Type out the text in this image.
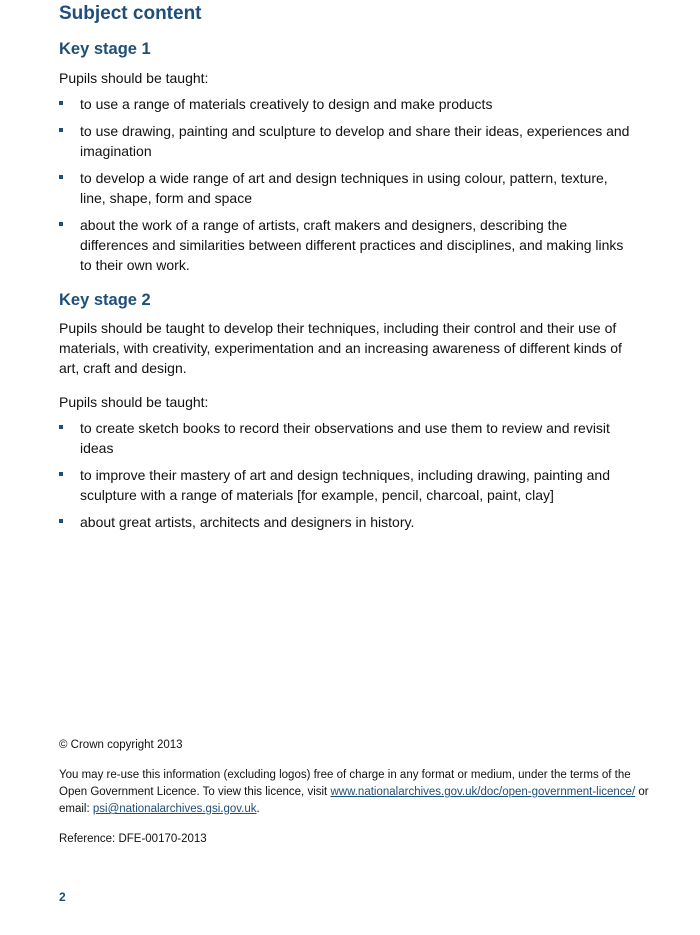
Subject content
Key stage 1

Pupils should be taught:

to use a range of materials creatively to design and make products
to use drawing, painting and sculpture to develop and share their ideas, experiences and imagination
to develop a wide range of art and design techniques in using colour, pattern, texture, line, shape, form and space
about the work of a range of artists, craft makers and designers, describing the differences and similarities between different practices and disciplines, and making links to their own work.
Key stage 2

Pupils should be taught to develop their techniques, including their control and their use of materials, with creativity, experimentation and an increasing awareness of different kinds of art, craft and design.

Pupils should be taught:

to create sketch books to record their observations and use them to review and revisit ideas
to improve their mastery of art and design techniques, including drawing, painting and sculpture with a range of materials [for example, pencil, charcoal, paint, clay]
about great artists, architects and designers in history.

© Crown copyright 2013

You may re-use this information (excluding logos) free of charge in any format or medium, under the terms of the Open Government Licence. To view this licence, visit www.nationalarchives.gov.uk/doc/open-government-licence/ or email: psi@nationalarchives.gsi.gov.uk.

Reference: DFE-00170-2013

2
